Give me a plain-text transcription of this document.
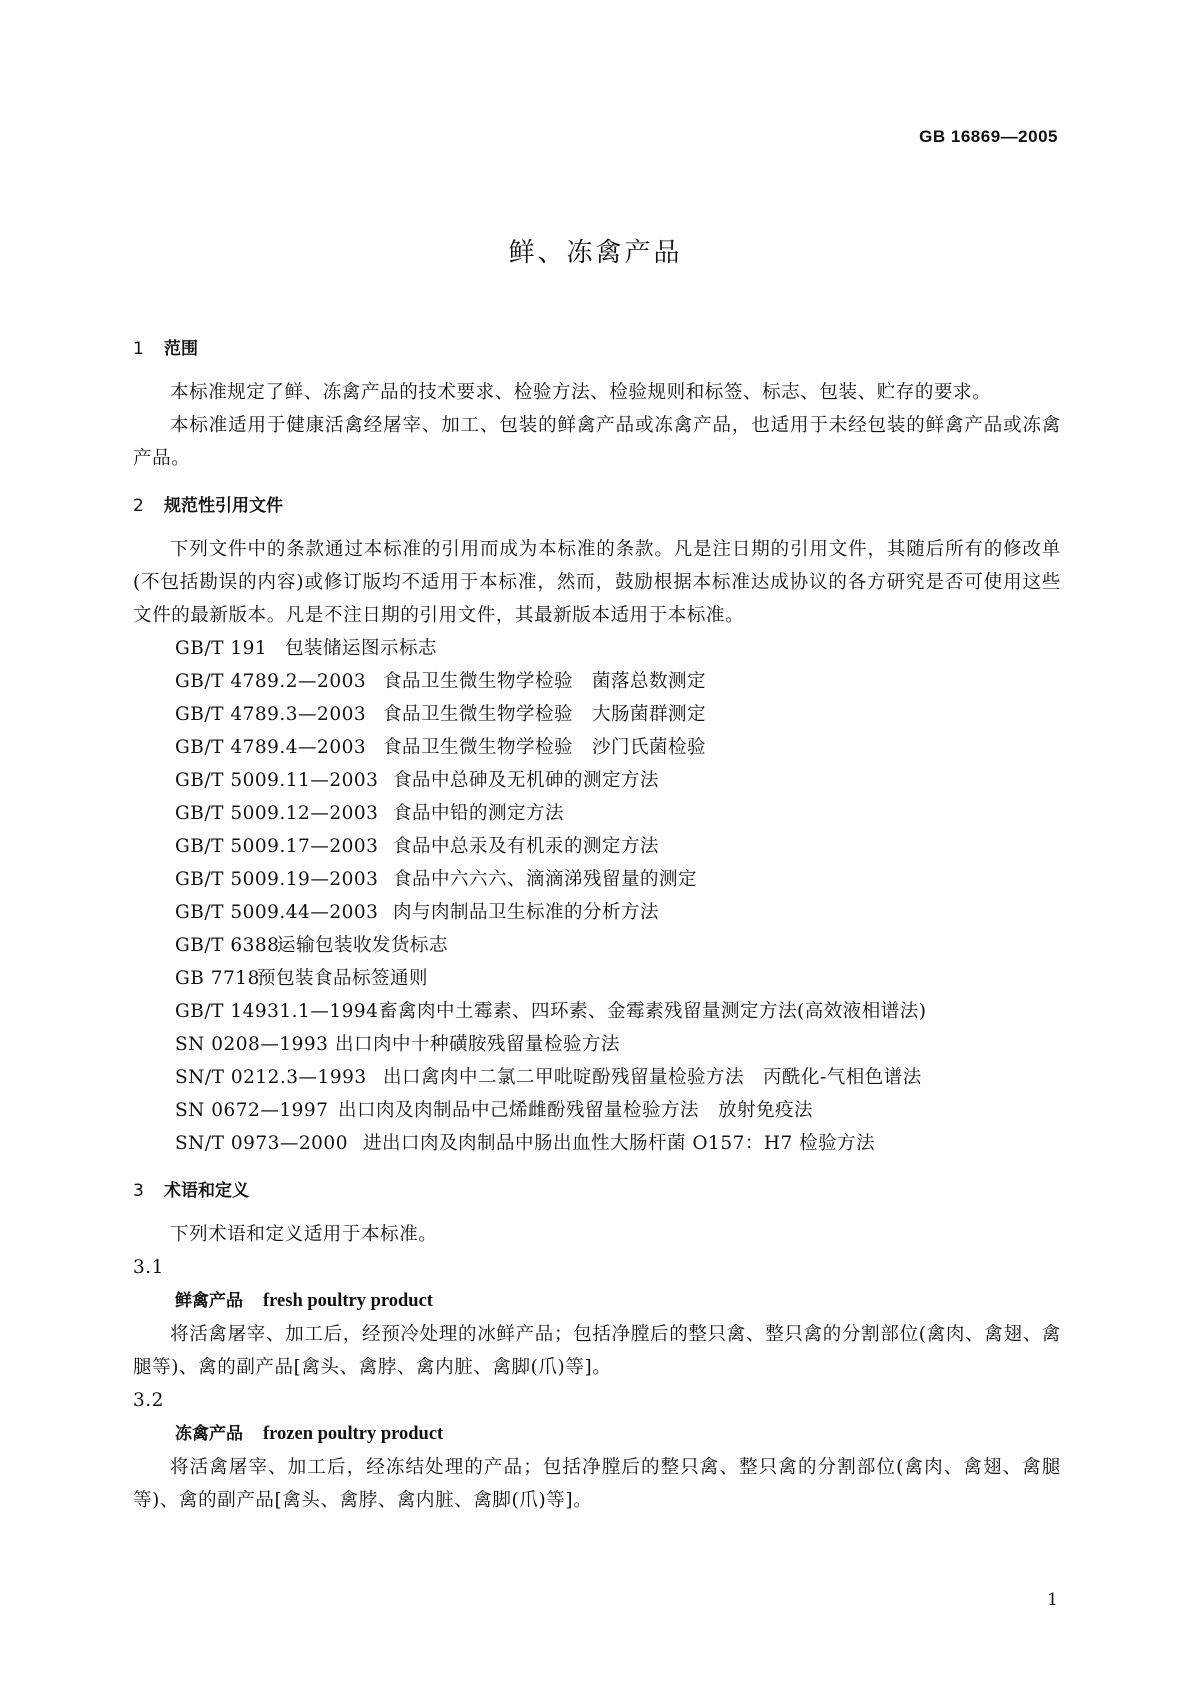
GB 16869—2005
鲜、冻禽产品
1 范围

本标准规定了鲜、冻禽产品的技术要求、检验方法、检验规则和标签、标志、包装、贮存的要求。

本标准适用于健康活禽经屠宰、加工、包装的鲜禽产品或冻禽产品，也适用于未经包装的鲜禽产品或冻禽产品。

2 规范性引用文件

下列文件中的条款通过本标准的引用而成为本标准的条款。凡是注日期的引用文件，其随后所有的修改单(不包括勘误的内容)或修订版均不适用于本标准，然而，鼓励根据本标准达成协议的各方研究是否可使用这些文件的最新版本。凡是不注日期的引用文件，其最新版本适用于本标准。

GB/T 191 包装储运图示标志

GB/T 4789.2—2003 食品卫生微生物学检验　菌落总数测定

GB/T 4789.3—2003 食品卫生微生物学检验　大肠菌群测定

GB/T 4789.4—2003 食品卫生微生物学检验　沙门氏菌检验

GB/T 5009.11—2003 食品中总砷及无机砷的测定方法

GB/T 5009.12—2003 食品中铅的测定方法

GB/T 5009.17—2003 食品中总汞及有机汞的测定方法

GB/T 5009.19—2003 食品中六六六、滴滴涕残留量的测定

GB/T 5009.44—2003 肉与肉制品卫生标准的分析方法

GB/T 6388运输包装收发货标志

GB 7718预包装食品标签通则

GB/T 14931.1—1994畜禽肉中土霉素、四环素、金霉素残留量测定方法(高效液相谱法)

SN 0208—1993 出口肉中十种磺胺残留量检验方法

SN/T 0212.3—1993 出口禽肉中二氯二甲吡啶酚残留量检验方法　丙酰化-气相色谱法

SN 0672—1997 出口肉及肉制品中己烯雌酚残留量检验方法　放射免疫法

SN/T 0973—2000 进出口肉及肉制品中肠出血性大肠杆菌 O157：H7 检验方法

3 术语和定义

下列术语和定义适用于本标准。

3.1

鲜禽产品 fresh poultry product

将活禽屠宰、加工后，经预冷处理的冰鲜产品；包括净膛后的整只禽、整只禽的分割部位(禽肉、禽翅、禽腿等)、禽的副产品[禽头、禽脖、禽内脏、禽脚(爪)等]。

3.2

冻禽产品 frozen poultry product

将活禽屠宰、加工后，经冻结处理的产品；包括净膛后的整只禽、整只禽的分割部位(禽肉、禽翅、禽腿等)、禽的副产品[禽头、禽脖、禽内脏、禽脚(爪)等]。

1
